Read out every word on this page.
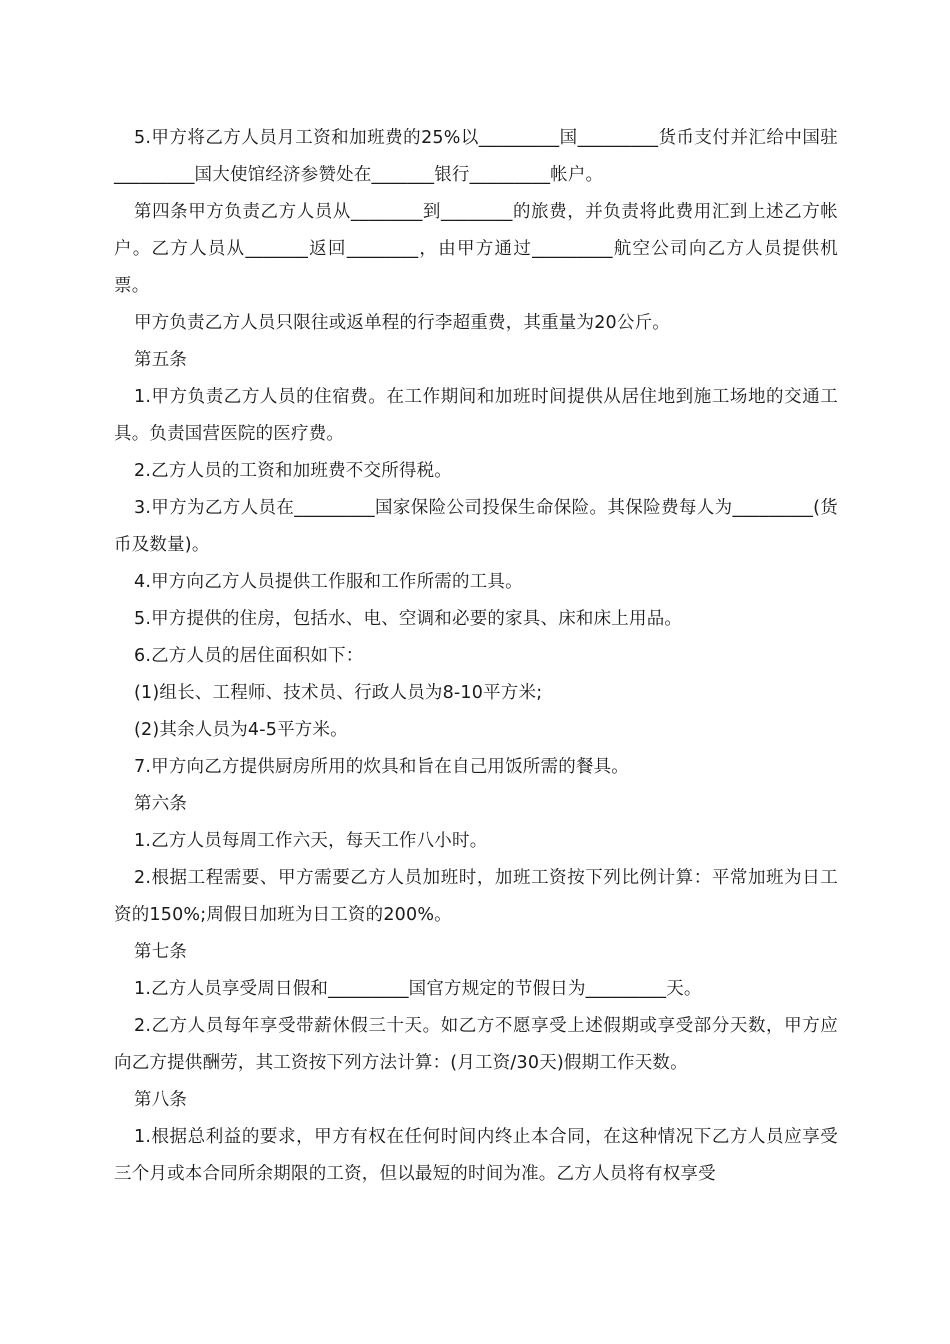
5.甲方将乙方人员月工资和加班费的25%以_________国_________货币支付并汇给中国驻_________国大使馆经济参赞处在_______银行_________帐户。

第四条甲方负责乙方人员从________到________的旅费，并负责将此费用汇到上述乙方帐户。乙方人员从_______返回________，由甲方通过_________航空公司向乙方人员提供机票。

甲方负责乙方人员只限往或返单程的行李超重费，其重量为20公斤。

第五条

1.甲方负责乙方人员的住宿费。在工作期间和加班时间提供从居住地到施工场地的交通工具。负责国营医院的医疗费。

2.乙方人员的工资和加班费不交所得税。

3.甲方为乙方人员在_________国家保险公司投保生命保险。其保险费每人为_________(货币及数量)。

4.甲方向乙方人员提供工作服和工作所需的工具。

5.甲方提供的住房，包括水、电、空调和必要的家具、床和床上用品。

6.乙方人员的居住面积如下：

(1)组长、工程师、技术员、行政人员为8-10平方米;

(2)其余人员为4-5平方米。

7.甲方向乙方提供厨房所用的炊具和旨在自己用饭所需的餐具。

第六条

1.乙方人员每周工作六天，每天工作八小时。

2.根据工程需要、甲方需要乙方人员加班时，加班工资按下列比例计算：平常加班为日工资的150%;周假日加班为日工资的200%。

第七条

1.乙方人员享受周日假和_________国官方规定的节假日为_________天。

2.乙方人员每年享受带薪休假三十天。如乙方不愿享受上述假期或享受部分天数，甲方应向乙方提供酬劳，其工资按下列方法计算：(月工资/30天)假期工作天数。

第八条

1.根据总利益的要求，甲方有权在任何时间内终止本合同，在这种情况下乙方人员应享受三个月或本合同所余期限的工资，但以最短的时间为准。乙方人员将有权享受
